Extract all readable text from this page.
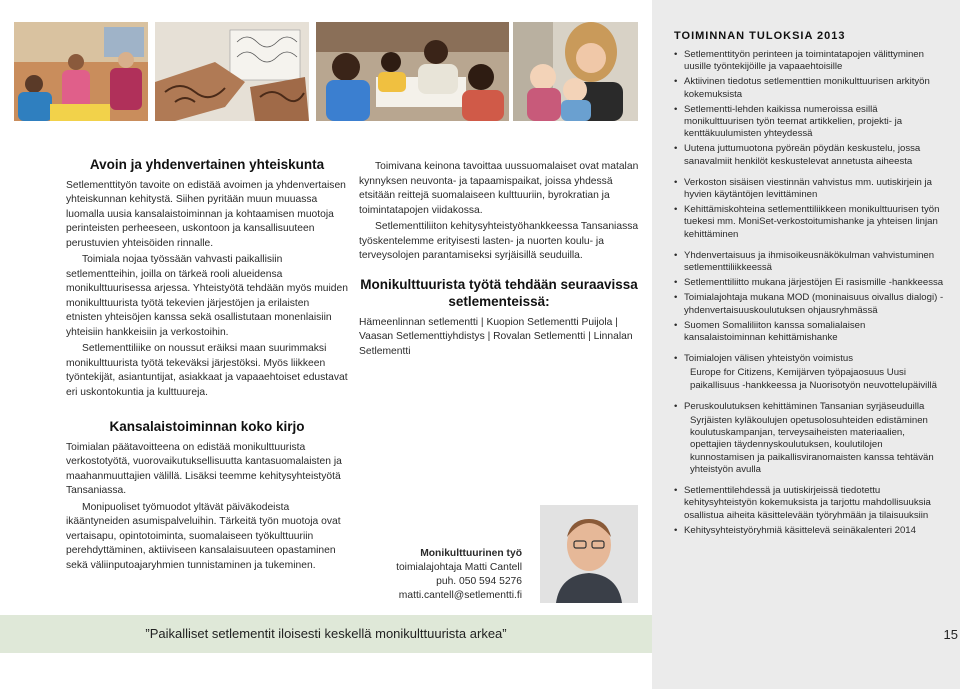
Avoin ja yhdenvertainen yhteiskunta

Setlementtityön tavoite on edistää avoimen ja yhdenvertaisen yhteiskunnan kehitystä. Siihen pyritään muun muuassa luomalla uusia kansalaistoiminnan ja kohtaamisen muotoja perinteisten perheeseen, uskontoon ja kansallisuuteen perustuvien yhteisöiden rinnalle.

Toimiala nojaa työssään vahvasti paikallisiin setlementteihin, joilla on tärkeä rooli alueidensa monikulttuurisessa arjessa. Yhteistyötä tehdään myös muiden monikulttuurista työtä tekevien järjestöjen ja erilaisten etnisten yhteisöjen kanssa sekä osallistutaan monenlaisiin yhteisiin hankkeisiin ja verkostoihin.

Setlementtiliike on noussut eräiksi maan suurimmaksi monikulttuurista työtä tekeväksi järjestöksi. Myös liikkeen työntekijät, asiantuntijat, asiakkaat ja vapaaehtoiset edustavat eri uskontokuntia ja kulttuureja.

Kansalaistoiminnan koko kirjo

Toimialan päätavoitteena on edistää monikulttuurista verkostotyötä, vuorovaikutuksellisuutta kantasuomalaisten ja maahanmuuttajien välillä. Lisäksi teemme kehitysyhteistyötä Tansaniassa.

Monipuoliset työmuodot yltävät päiväkodeista ikääntyneiden asumispalveluihin. Tärkeitä työn muotoja ovat vertaisapu, opintotoiminta, suomalaiseen työkulttuuriin perehdyttäminen, aktiiviseen kansalaisuuteen opastaminen sekä väliinputoajaryhmien tunnistaminen ja tukeminen.

Toimivana keinona tavoittaa uussuomalaiset ovat matalan kynnyksen neuvonta- ja tapaamispaikat, joissa yhdessä etsitään reittejä suomalaiseen kulttuuriin, byrokratian ja toimintatapojen viidakossa.

Setlementtiliiton kehitysyhteistyöhankkeessa Tansaniassa työskentelemme erityisesti lasten- ja nuorten koulu- ja terveysolojen parantamiseksi syrjäisillä seuduilla.

Monikulttuurista työtä tehdään seuraavissa setlementeissä:

Hämeenlinnan setlementti | Kuopion Setlementti Puijola | Vaasan Setlementtiyhdistys | Rovalan Setlementti | Linnalan Setlementti

Monikulttuurinen työ
toimialajohtaja Matti Cantell
puh. 050 594 5276
matti.cantell@setlementti.fi
TOIMINNAN TULOKSIA 2013
• Setlementtityön perinteen ja toimintatapojen välittyminen uusille työntekijöille ja vapaaehtoisille
• Aktiivinen tiedotus setlementtien monikulttuurisen arkityön kokemuksista
• Setlementti-lehden kaikissa numeroissa esillä monikulttuurisen työn teemat artikkelien, projekti- ja kenttäkuulumisten yhteydessä
• Uutena juttumuotona pyöreän pöydän keskustelu, jossa sanavalmiit henkilöt keskustelevat annetusta aiheesta
• Verkoston sisäisen viestinnän vahvistus mm. uutiskirjein ja hyvien käytäntöjen levittäminen
• Kehittämiskohteina setlementtiliikkeen monikulttuurisen työn tuekesi mm. MoniSet-verkostoitumishanke ja yhteisen linjan kehittäminen
• Yhdenvertaisuus ja ihmisoikeusnäkökulman vahvistuminen setlementtiliikkeessä
• Setlementtiliitto mukana järjestöjen Ei rasismille -hankkeessa
• Toimialajohtaja mukana MOD (moninaisuus oivallus dialogi) -yhdenvertaisuuskoulutuksen ohjausryhmässä
• Suomen Somaliliiton kanssa somalialaisen kansalaistoiminnan kehittämishanke
• Toimialojen välisen yhteistyön voimistus
Europe for Citizens, Kemijärven työpajaosuus Uusi paikallisuus -hankkeessa ja Nuorisotyön neuvottelupäivillä
• Peruskoulutuksen kehittäminen Tansanian syrjäseuduilla
Syrjäisten kyläkoulujen opetusolosuhteiden edistäminen koulutuskampanjan, terveysaiheisten materiaalien, opettajien täydennyskoulutuksen, koulutilojen kunnostamisen ja paikallisviranomaisten kanssa tehtävän yhteistyön avulla
• Setlementtilehdessä ja uutiskirjeissä tiedotettu kehitysyhteistyön kokemuksista ja tarjottu mahdollisuuksia osallistua aiheita käsittelevään työryhmään ja tilaisuuksiin
• Kehitysyhteistyöryhmiä käsittelevä seinäkalenteri 2014
”Paikalliset setlementit iloisesti keskellä monikulttuurista arkea”	15
